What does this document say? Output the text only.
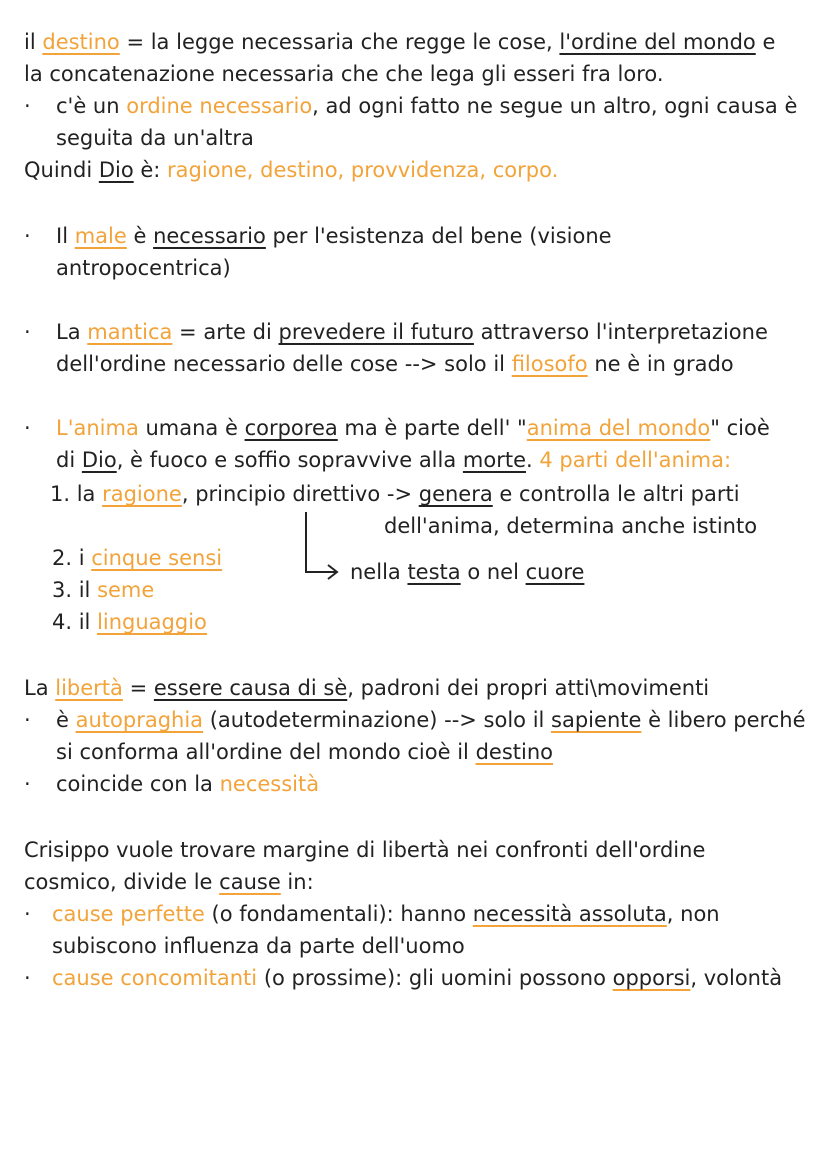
il destino = la legge necessaria che regge le cose, l'ordine del mondo e
la concatenazione necessaria che che lega gli esseri fra loro.
· c'è un ordine necessario, ad ogni fatto ne segue un altro, ogni causa è
seguita da un'altra
Quindi Dio è: ragione, destino, provvidenza, corpo.
· Il male è necessario per l'esistenza del bene (visione
antropocentrica)
· La mantica = arte di prevedere il futuro attraverso l'interpretazione
dell'ordine necessario delle cose --> solo il filosofo ne è in grado
· L'anima umana è corporea ma è parte dell' "anima del mondo" cioè
di Dio, è fuoco e soffio sopravvive alla morte. 4 parti dell'anima:
1. la ragione, principio direttivo -> genera e controlla le altri parti
dell'anima, determina anche istinto
2. i cinque sensi
nella testa o nel cuore
3. il seme
4. il linguaggio
La libertà = essere causa di sè, padroni dei propri atti\movimenti
· è autopraghia (autodeterminazione) --> solo il sapiente è libero perché
si conforma all'ordine del mondo cioè il destino
· coincide con la necessità
Crisippo vuole trovare margine di libertà nei confronti dell'ordine
cosmico, divide le cause in:
· cause perfette (o fondamentali): hanno necessità assoluta, non
subiscono influenza da parte dell'uomo
· cause concomitanti (o prossime): gli uomini possono opporsi, volontà
